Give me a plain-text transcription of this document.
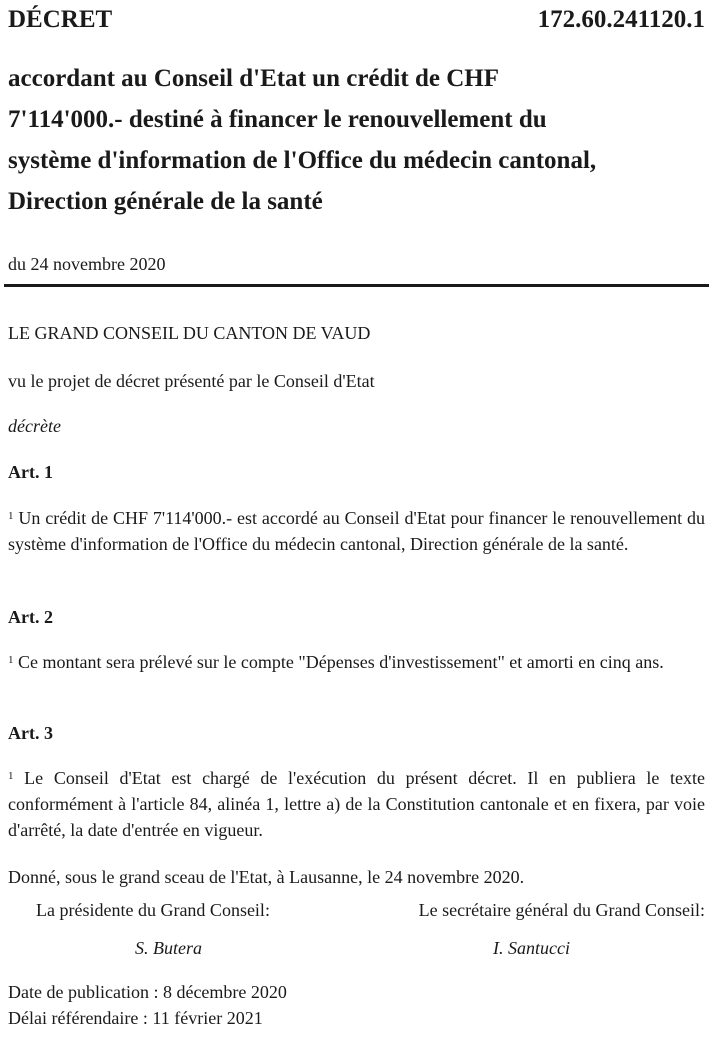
DÉCRET	172.60.241120.1
accordant au Conseil d'Etat un crédit de CHF
7'114'000.- destiné à financer le renouvellement du
système d'information de l'Office du médecin cantonal,
Direction générale de la santé
du 24 novembre 2020
LE GRAND CONSEIL DU CANTON DE VAUD
vu le projet de décret présenté par le Conseil d'Etat
décrète
Art. 1
$^1$ Un crédit de CHF 7'114'000.- est accordé au Conseil d'Etat pour financer le renouvellement du système d'information de l'Office du médecin cantonal, Direction générale de la santé.
Art. 2
$^1$ Ce montant sera prélevé sur le compte "Dépenses d'investissement" et amorti en cinq ans.
Art. 3
$^1$ Le Conseil d'Etat est chargé de l'exécution du présent décret. Il en publiera le texte conformément à l'article 84, alinéa 1, lettre a) de la Constitution cantonale et en fixera, par voie d'arrêté, la date d'entrée en vigueur.
Donné, sous le grand sceau de l'Etat, à Lausanne, le 24 novembre 2020.
La présidente du Grand Conseil:	Le secrétaire général du Grand Conseil:
S. Butera	I. Santucci
Date de publication : 8 décembre 2020
Délai référendaire : 11 février 2021
